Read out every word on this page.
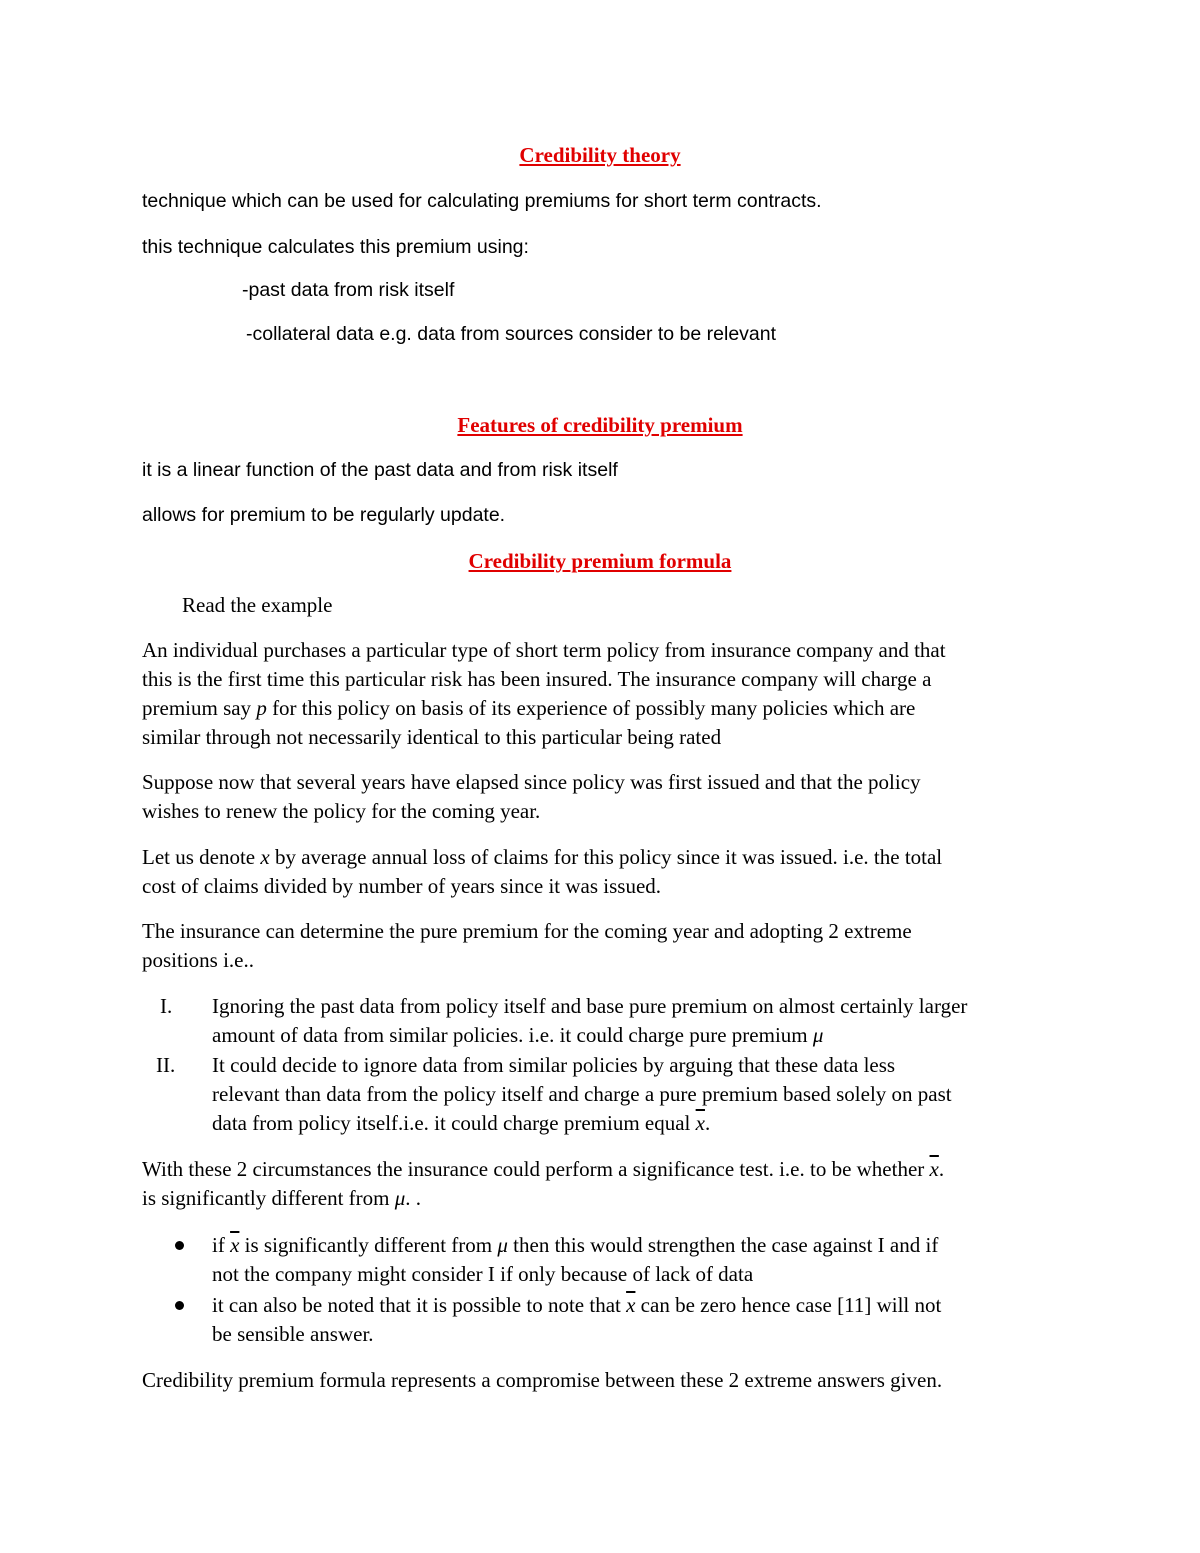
Credibility theory
technique which can be used for calculating premiums for short term contracts.
this technique calculates this premium using:
-past data from risk itself
-collateral data e.g. data from sources consider to be relevant
Features of credibility premium
it is a linear function of the past data and from risk itself
allows for premium to be regularly update.
Credibility premium formula
Read the example
An individual purchases a particular type of short term policy from insurance company and that
this is the first time this particular risk has been insured. The insurance company will charge a
premium say p for this policy on basis of its experience of possibly many policies which are
similar through not necessarily identical to this particular being rated
Suppose now that several years have elapsed since policy was first issued and that the policy
wishes to renew the policy for the coming year.
Let us denote x by average annual loss of claims for this policy since it was issued. i.e. the total
cost of claims divided by number of years since it was issued.
The insurance can determine the pure premium for the coming year and adopting 2 extreme
positions i.e..
I. Ignoring the past data from policy itself and base pure premium on almost certainly larger
amount of data from similar policies. i.e. it could charge pure premium μ
II. It could decide to ignore data from similar policies by arguing that these data less
relevant than data from the policy itself and charge a pure premium based solely on past
data from policy itself.i.e. it could charge premium equal $\overline{x}$.
With these 2 circumstances the insurance could perform a significance test. i.e. to be whether $\overline{x}$.
is significantly different from μ. .
if $\overline{x}$ is significantly different from μ then this would strengthen the case against I and if
not the company might consider I if only because of lack of data
it can also be noted that it is possible to note that $\overline{x}$ can be zero hence case [11] will not
be sensible answer.
Credibility premium formula represents a compromise between these 2 extreme answers given.
